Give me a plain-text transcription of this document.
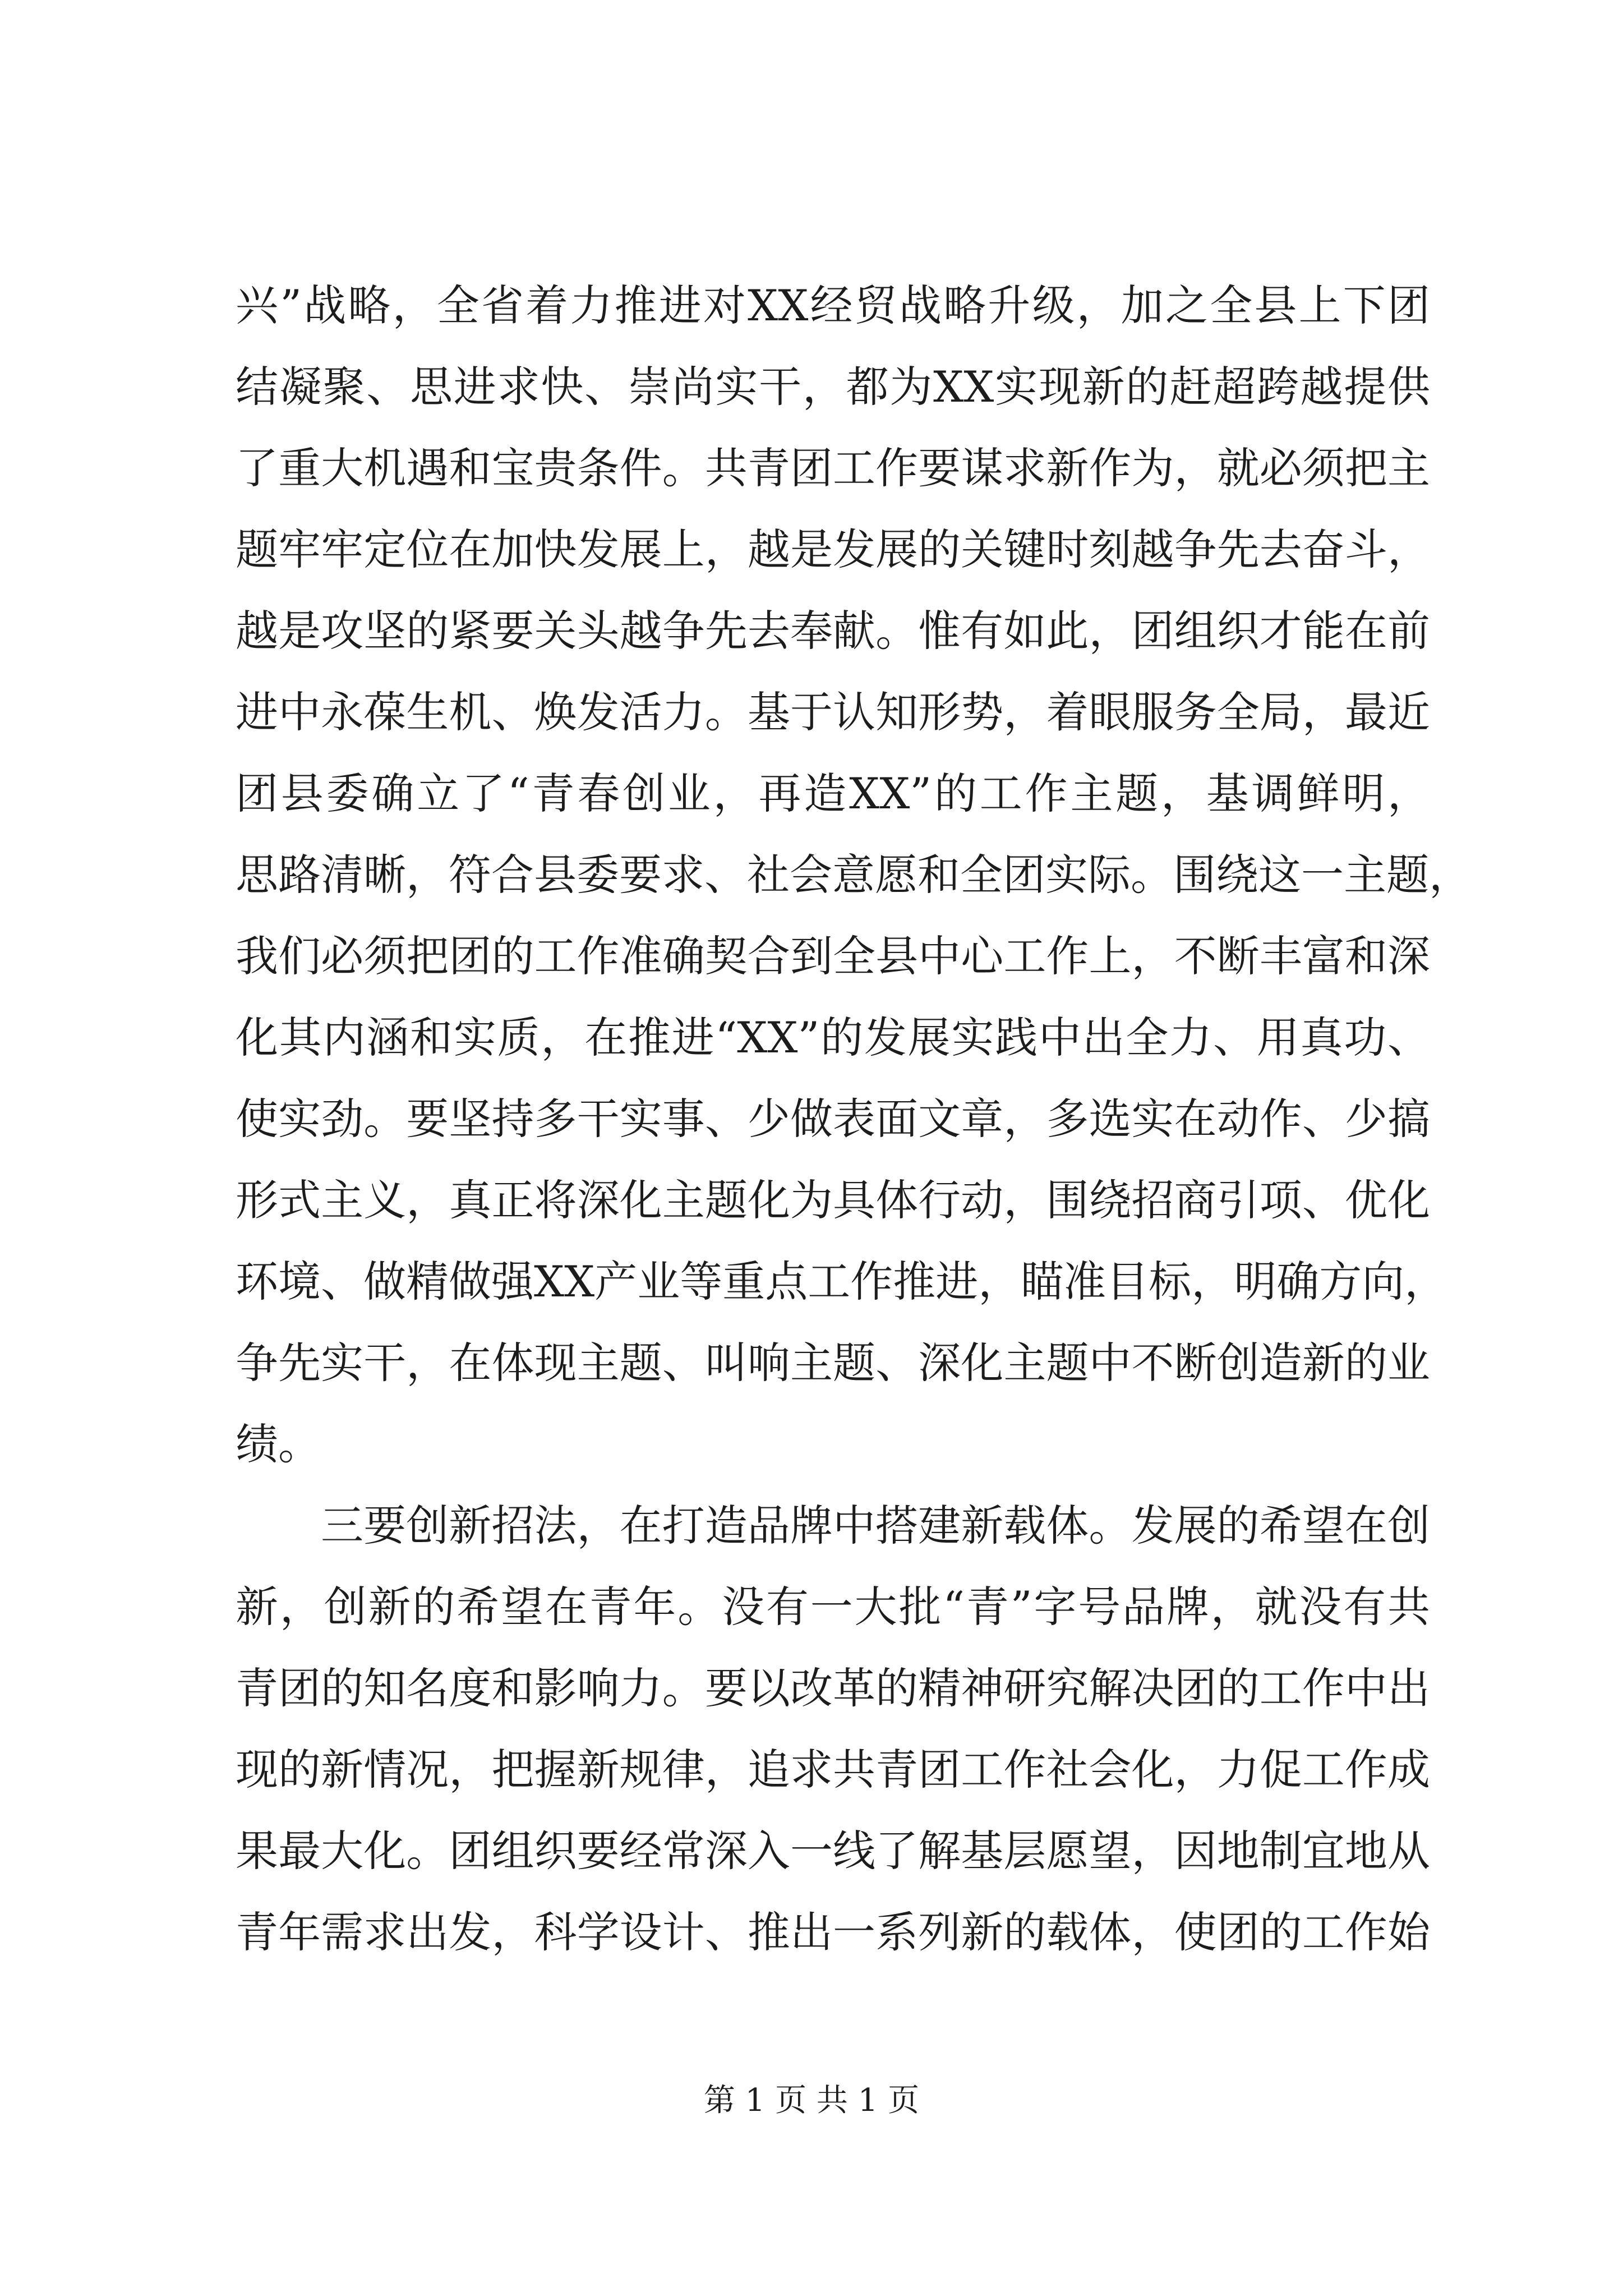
兴”战略，全省着力推进对XX经贸战略升级，加之全县上下团
结凝聚、思进求快、崇尚实干，都为XX实现新的赶超跨越提供
了重大机遇和宝贵条件。共青团工作要谋求新作为，就必须把主
题牢牢定位在加快发展上，越是发展的关键时刻越争先去奋斗，
越是攻坚的紧要关头越争先去奉献。惟有如此，团组织才能在前
进中永葆生机、焕发活力。基于认知形势，着眼服务全局，最近
团县委确立了“青春创业，再造XX”的工作主题，基调鲜明，
思路清晰，符合县委要求、社会意愿和全团实际。围绕这一主题，
我们必须把团的工作准确契合到全县中心工作上，不断丰富和深
化其内涵和实质，在推进“XX”的发展实践中出全力、用真功、
使实劲。要坚持多干实事、少做表面文章，多选实在动作、少搞
形式主义，真正将深化主题化为具体行动，围绕招商引项、优化
环境、做精做强XX产业等重点工作推进，瞄准目标，明确方向，
争先实干，在体现主题、叫响主题、深化主题中不断创造新的业
绩。
三要创新招法，在打造品牌中搭建新载体。发展的希望在创
新，创新的希望在青年。没有一大批“青”字号品牌，就没有共
青团的知名度和影响力。要以改革的精神研究解决团的工作中出
现的新情况，把握新规律，追求共青团工作社会化，力促工作成
果最大化。团组织要经常深入一线了解基层愿望，因地制宜地从
青年需求出发，科学设计、推出一系列新的载体，使团的工作始
第 1 页 共 1 页
